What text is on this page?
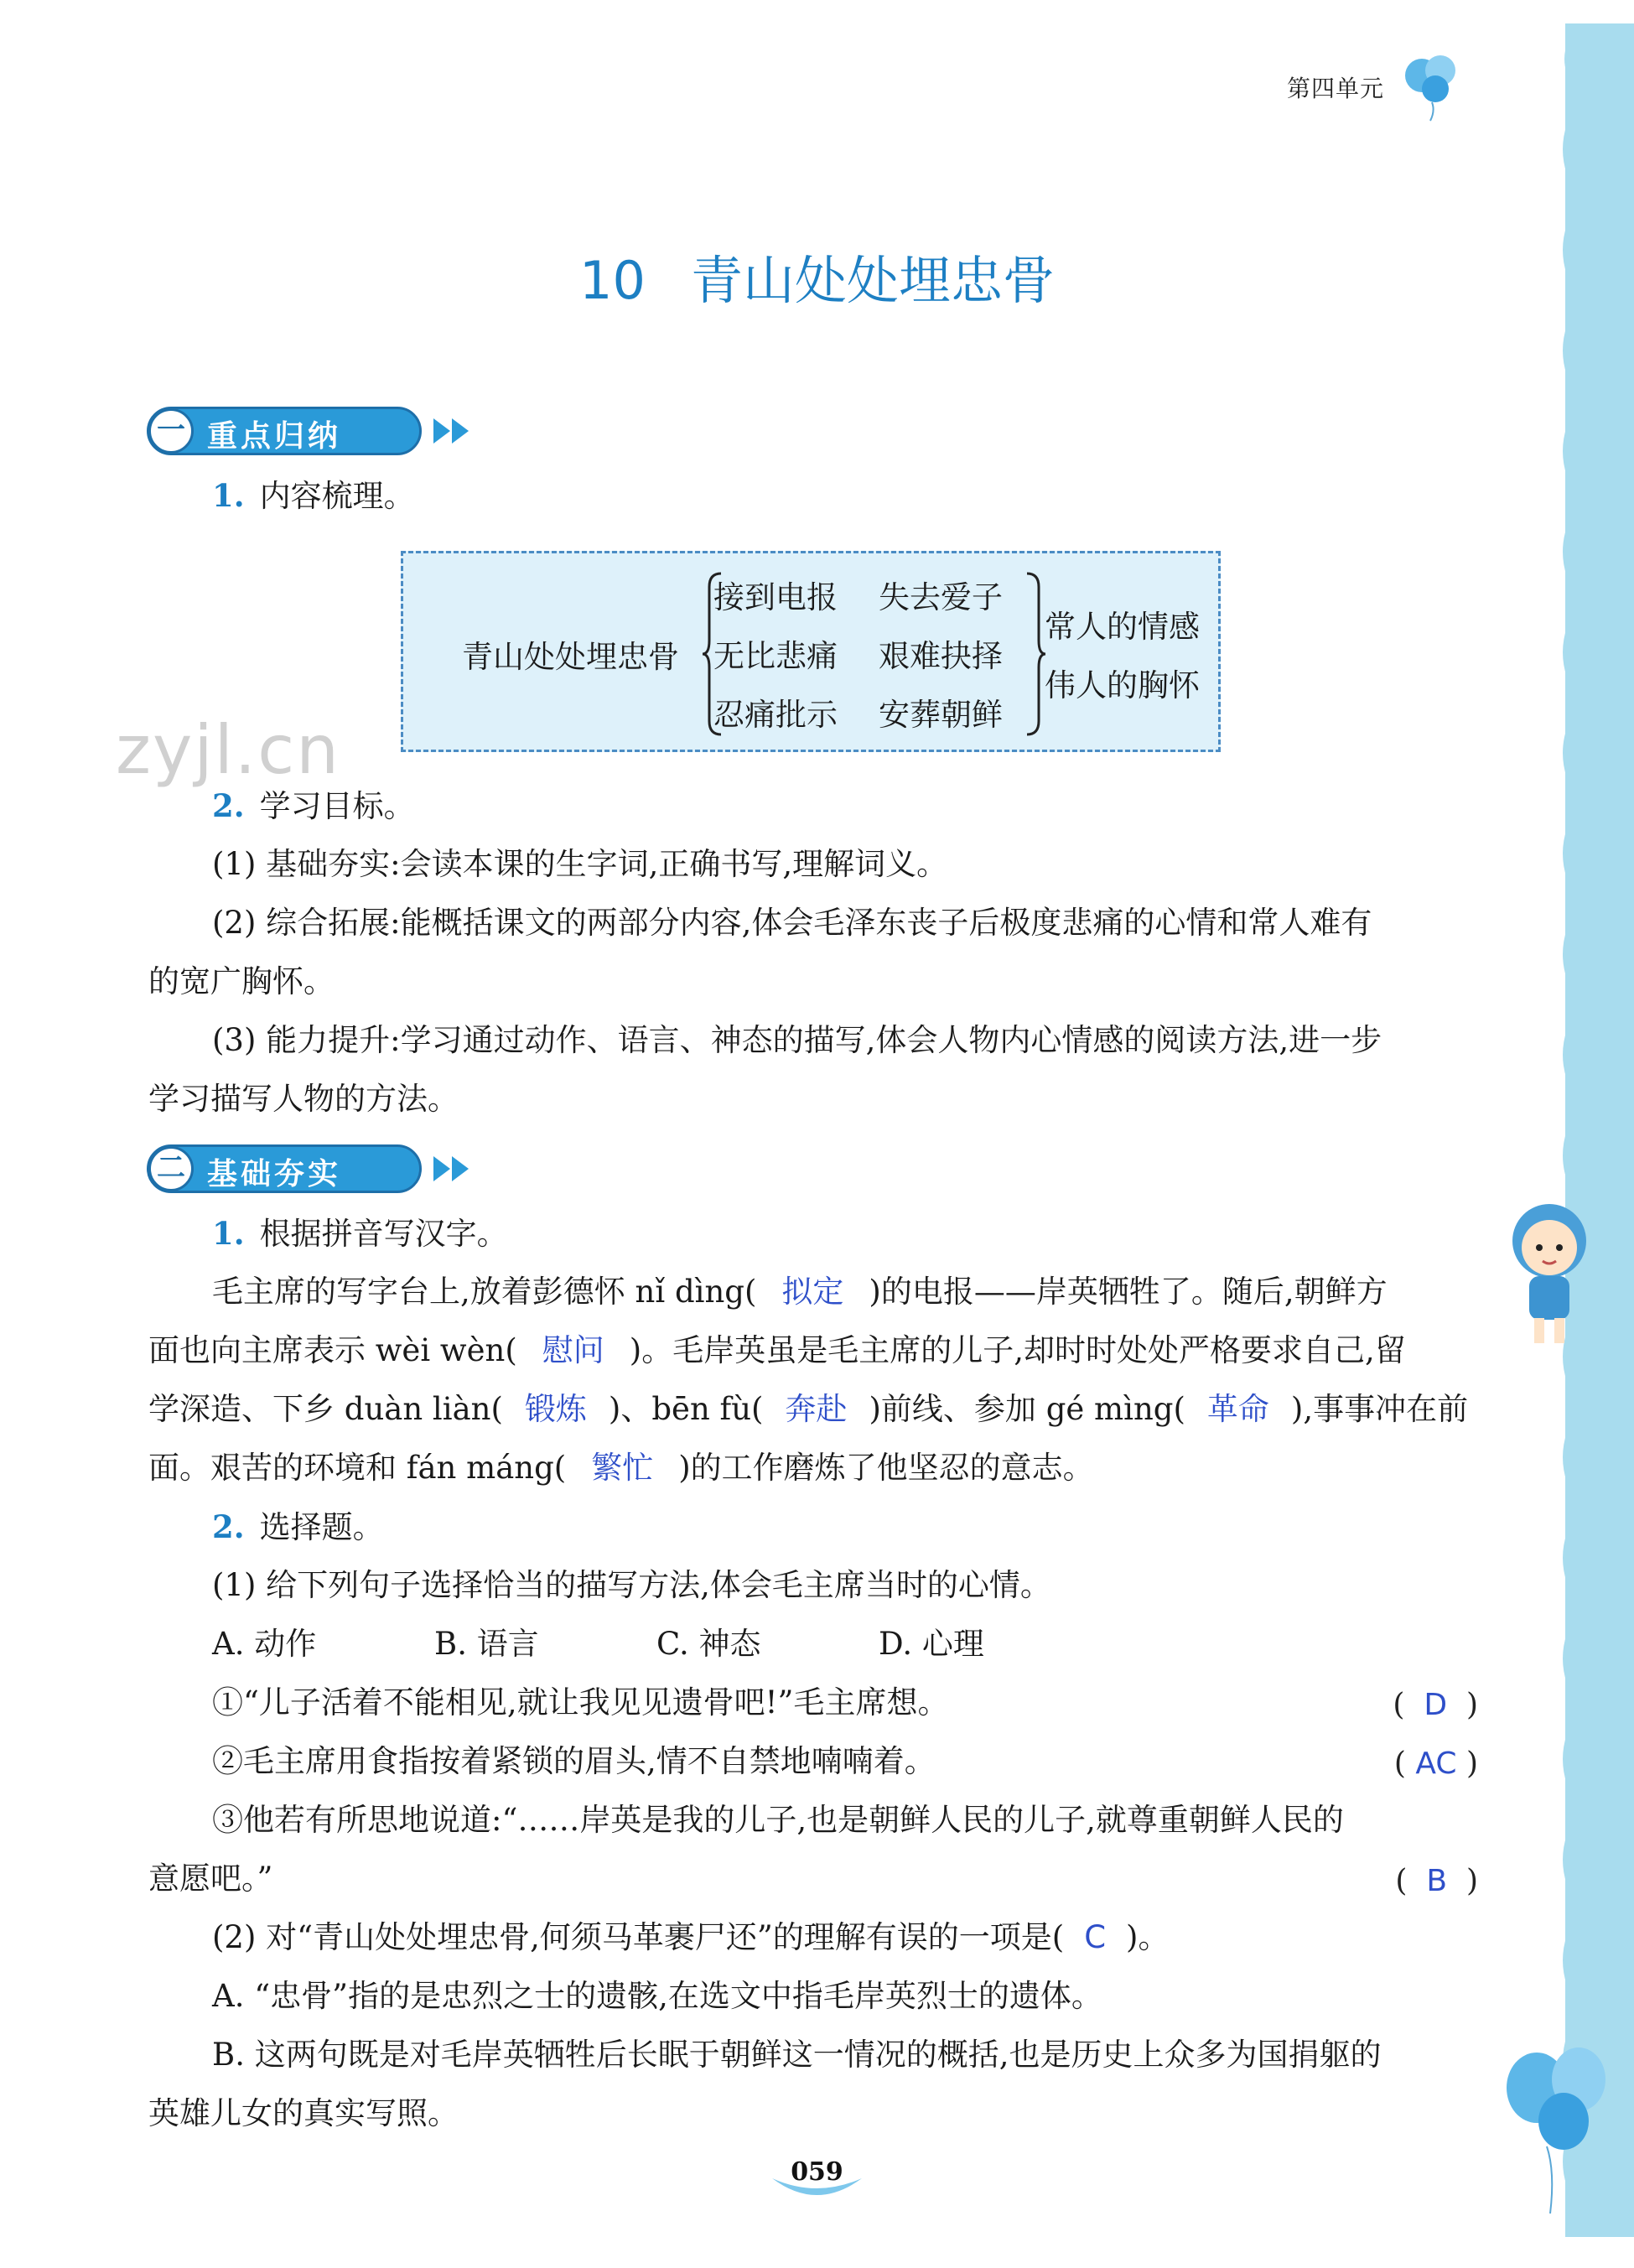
第四单元
10 青山处处埋忠骨
一 重点归纳
1. 内容梳理。
青山处处埋忠骨
接到电报
无比悲痛
忍痛批示
失去爱子
艰难抉择
安葬朝鲜
常人的情感
伟人的胸怀
zyjl.cn
2. 学习目标。
(1) 基础夯实:会读本课的生字词,正确书写,理解词义。
(2) 综合拓展:能概括课文的两部分内容,体会毛泽东丧子后极度悲痛的心情和常人难有
的宽广胸怀。
(3) 能力提升:学习通过动作、语言、神态的描写,体会人物内心情感的阅读方法,进一步
学习描写人物的方法。
二 基础夯实
1. 根据拼音写汉字。
毛主席的写字台上,放着彭德怀 nǐ dìng( 拟定 )的电报——岸英牺牲了。随后,朝鲜方
面也向主席表示 wèi wèn( 慰问 )。毛岸英虽是毛主席的儿子,却时时处处严格要求自己,留
学深造、下乡 duàn liàn( 锻炼 )、bēn fù( 奔赴 )前线、参加 gé mìng( 革命 ),事事冲在前
面。艰苦的环境和 fán máng( 繁忙 )的工作磨炼了他坚忍的意志。
2. 选择题。
(1) 给下列句子选择恰当的描写方法,体会毛主席当时的心情。
A. 动作	B. 语言	C. 神态	D. 心理
①“儿子活着不能相见,就让我见见遗骨吧!”毛主席想。	(  D  )
②毛主席用食指按着紧锁的眉头,情不自禁地喃喃着。	( AC )
③他若有所思地说道:“……岸英是我的儿子,也是朝鲜人民的儿子,就尊重朝鲜人民的
意愿吧。”	(  B  )
(2) 对“青山处处埋忠骨,何须马革裹尸还”的理解有误的一项是( C )。
A. “忠骨”指的是忠烈之士的遗骸,在选文中指毛岸英烈士的遗体。
B. 这两句既是对毛岸英牺牲后长眠于朝鲜这一情况的概括,也是历史上众多为国捐躯的
英雄儿女的真实写照。
059
